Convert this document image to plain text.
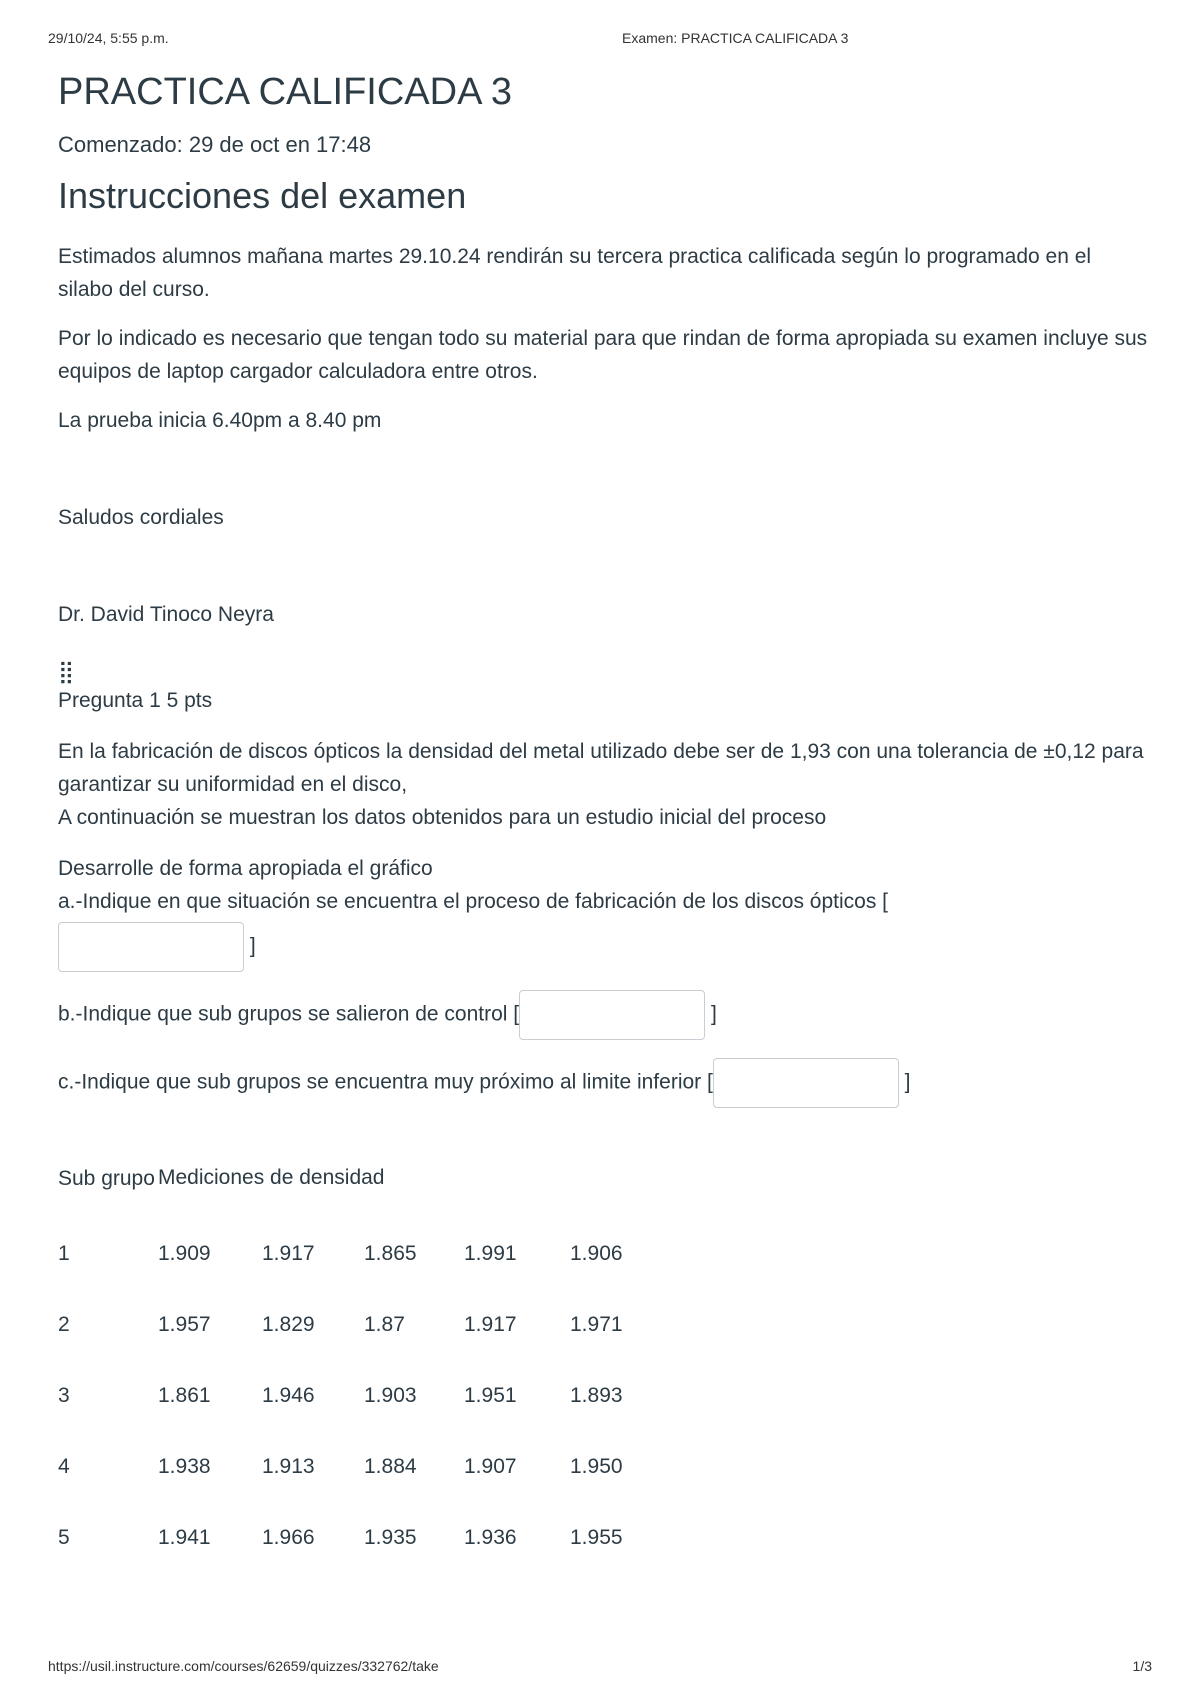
29/10/24, 5:55 p.m.	Examen: PRACTICA CALIFICADA 3
PRACTICA CALIFICADA 3
Comenzado: 29 de oct en 17:48
Instrucciones del examen

Estimados alumnos mañana martes 29.10.24 rendirán su tercera practica calificada según lo programado en el silabo del curso.

Por lo indicado es necesario que tengan todo su material para que rindan de forma apropiada su examen incluye sus equipos de laptop cargador calculadora entre otros.

La prueba inicia 6.40pm a 8.40 pm

Saludos cordiales

Dr. David Tinoco Neyra

⣿
Pregunta 1 5 pts

En la fabricación de discos ópticos la densidad del metal utilizado debe ser de 1,93 con una tolerancia de ±0,12 para garantizar su uniformidad en el disco,
A continuación se muestran los datos obtenidos para un estudio inicial del proceso

Desarrolle de forma apropiada el gráfico
a.-Indique en que situación se encuentra el proceso de fabricación de los discos ópticos [

]
b.-Indique que sub grupos se salieron de control [	]
c.-Indique que sub grupos se encuentra muy próximo al limite inferior [	]
Sub grupo	Mediciones de densidad				
1	1.909	1.917	1.865	1.991	1.906
2	1.957	1.829	1.87	1.917	1.971
3	1.861	1.946	1.903	1.951	1.893
4	1.938	1.913	1.884	1.907	1.950
5	1.941	1.966	1.935	1.936	1.955
https://usil.instructure.com/courses/62659/quizzes/332762/take	1/3
